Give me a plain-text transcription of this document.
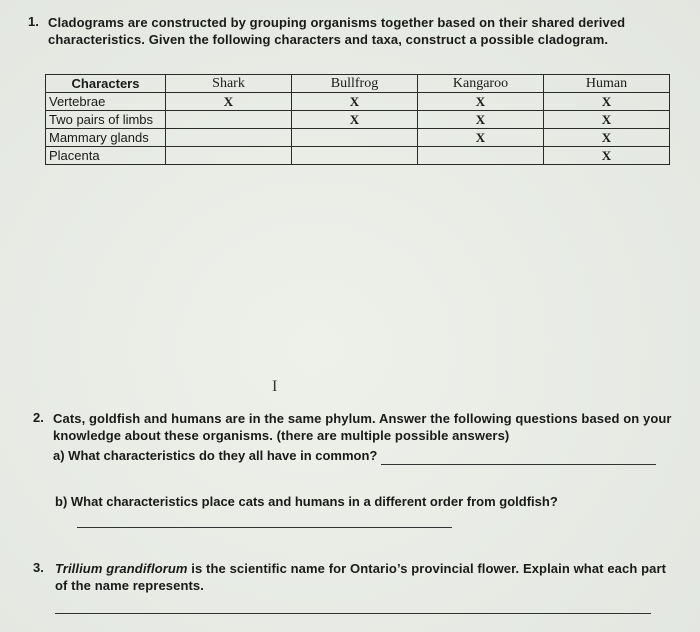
1. Cladograms are constructed by grouping organisms together based on their shared derived
characteristics. Given the following characters and taxa, construct a possible cladogram.
Characters	Shark	Bullfrog	Kangaroo	Human
Vertebrae	X	X	X	X
Two pairs of limbs		X	X	X
Mammary glands			X	X
Placenta				X
I
2. Cats, goldfish and humans are in the same phylum. Answer the following questions based on your
knowledge about these organisms. (there are multiple possible answers)
a) What characteristics do they all have in common?
b) What characteristics place cats and humans in a different order from goldfish?
3. Trillium grandiflorum is the scientific name for Ontario’s provincial flower. Explain what each part
of the name represents.
